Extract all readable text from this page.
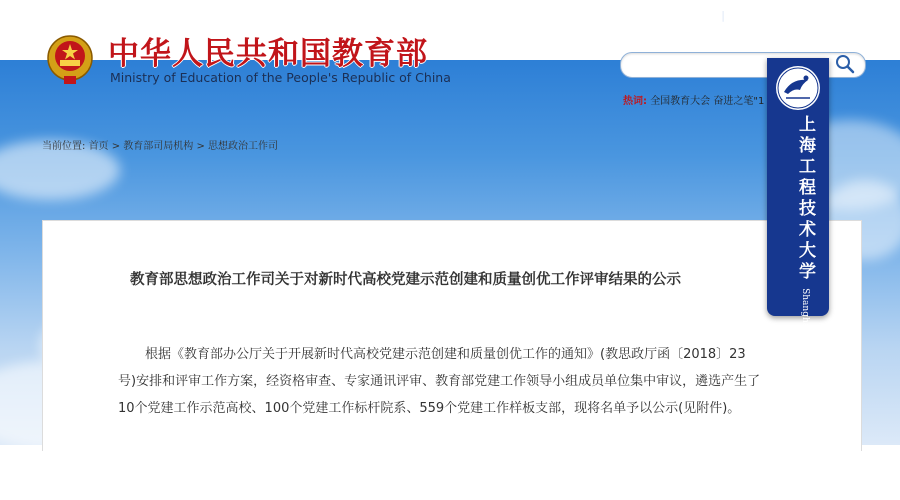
中华人民共和国教育部
Ministry of Education of the People's Republic of China
English | 移动客户端	育
热词: 全国教育大会 奋进之笔"1
当前位置: 首页 > 教育部司局机构 > 思想政治工作司
教育部思想政治工作司关于对新时代高校党建示范创建和质量创优工作评审结果的公示
根据《教育部办公厅关于开展新时代高校党建示范创建和质量创优工作的通知》(教思政厅函〔2018〕23
号)安排和评审工作方案，经资格审查、专家通讯评审、教育部党建工作领导小组成员单位集中审议，遴选产生了
10个党建工作示范高校、100个党建工作标杆院系、559个党建工作样板支部，现将名单予以公示(见附件)。
上海工程技术大学 Shanghai University of Engineering Science
